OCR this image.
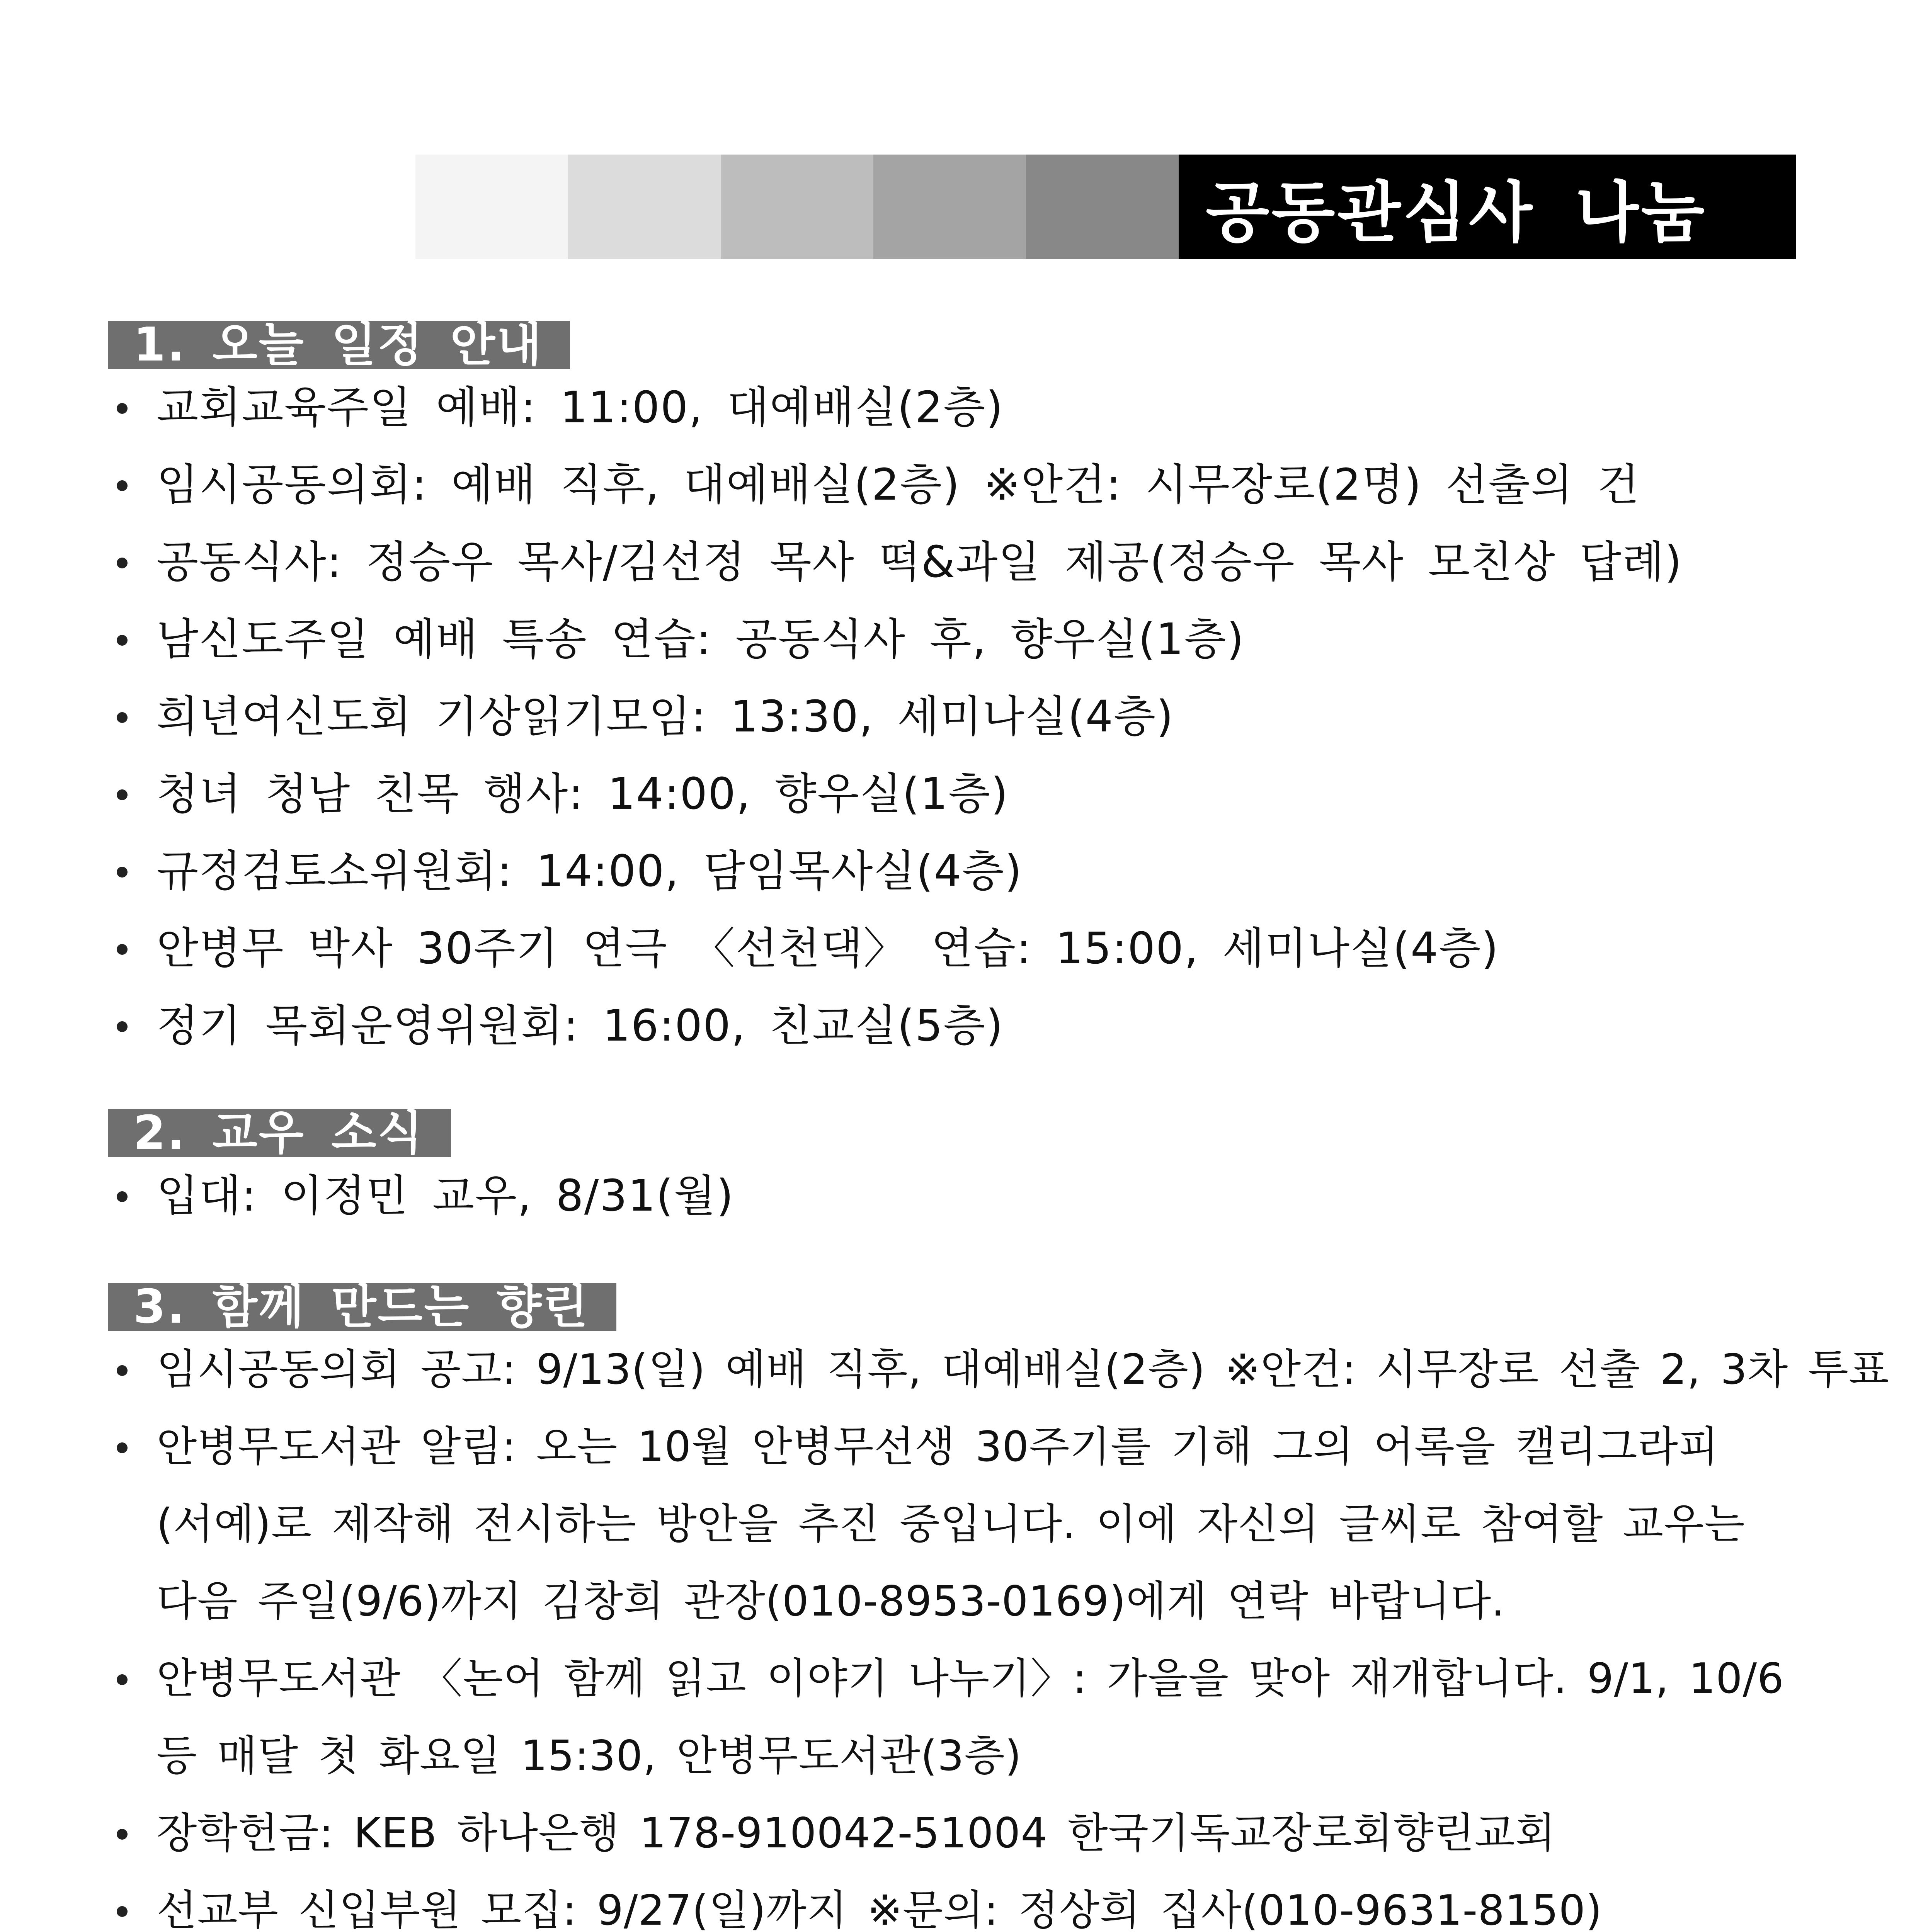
공동관심사 나눔
1. 오늘 일정 안내
교회교육주일 예배: 11:00, 대예배실(2층)
임시공동의회: 예배 직후, 대예배실(2층) ※안건: 시무장로(2명) 선출의 건
공동식사: 정승우 목사/김선정 목사 떡&과일 제공(정승우 목사 모친상 답례)
남신도주일 예배 특송 연습: 공동식사 후, 향우실(1층)
희년여신도회 기상읽기모임: 13:30, 세미나실(4층)
청녀 청남 친목 행사: 14:00, 향우실(1층)
규정검토소위원회: 14:00, 담임목사실(4층)
안병무 박사 30주기 연극 〈선천댁〉 연습: 15:00, 세미나실(4층)
정기 목회운영위원회: 16:00, 친교실(5층)
2. 교우 소식
입대: 이정민 교우, 8/31(월)
3. 함께 만드는 향린
임시공동의회 공고: 9/13(일) 예배 직후, 대예배실(2층) ※안건: 시무장로 선출 2, 3차 투표
안병무도서관 알림: 오는 10월 안병무선생 30주기를 기해 그의 어록을 캘리그라피
(서예)로 제작해 전시하는 방안을 추진 중입니다. 이에 자신의 글씨로 참여할 교우는
다음 주일(9/6)까지 김창희 관장(010-8953-0169)에게 연락 바랍니다.
안병무도서관 〈논어 함께 읽고 이야기 나누기〉: 가을을 맞아 재개합니다. 9/1, 10/6
등 매달 첫 화요일 15:30, 안병무도서관(3층)
장학헌금: KEB 하나은행 178-910042-51004 한국기독교장로회향린교회
선교부 신입부원 모집: 9/27(일)까지 ※문의: 정상희 집사(010-9631-8150)
